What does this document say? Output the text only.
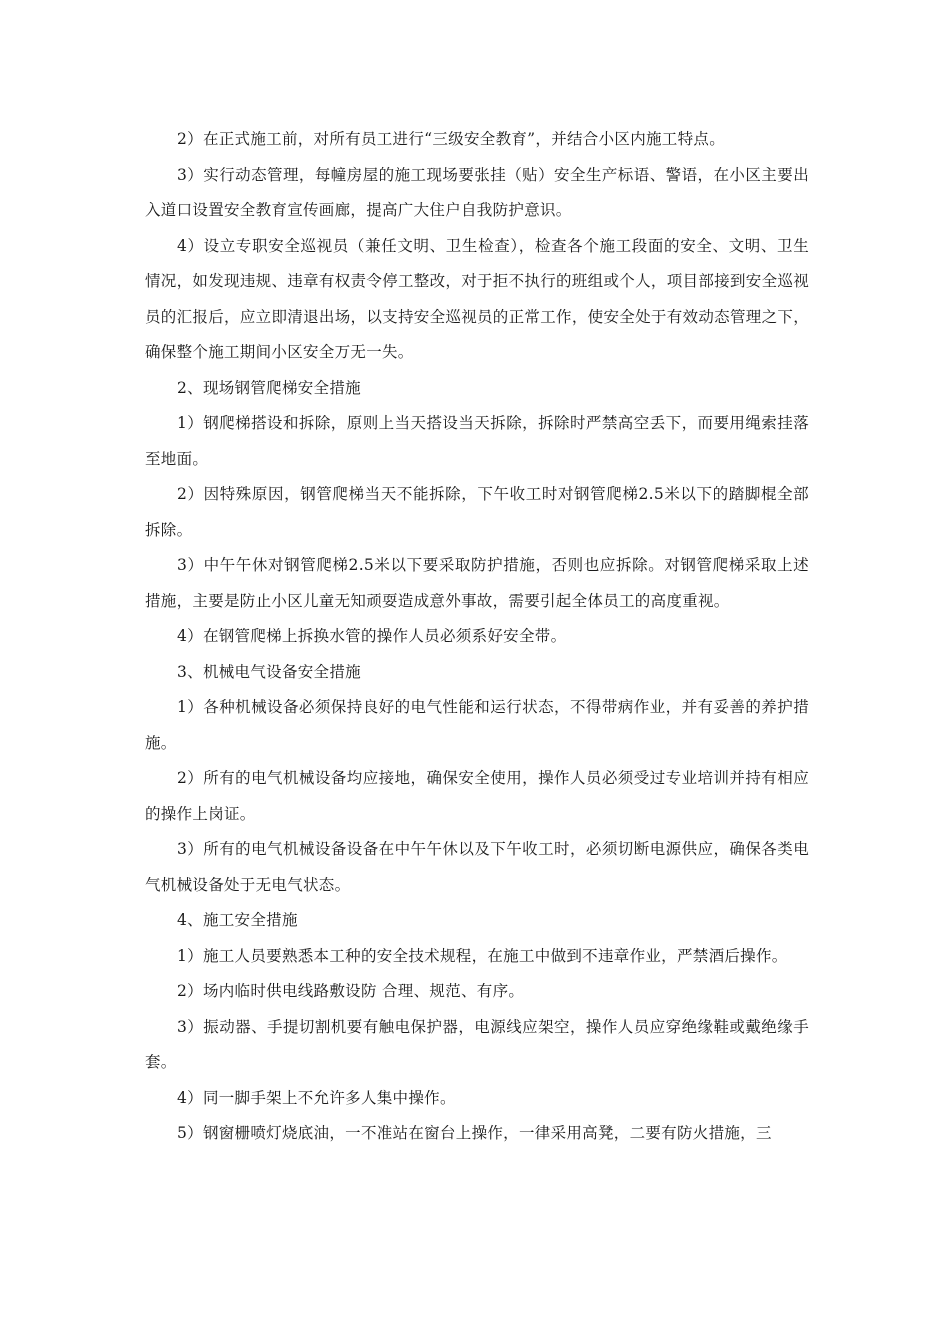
2）在正式施工前，对所有员工进行“三级安全教育”，并结合小区内施工特点。

3）实行动态管理，每幢房屋的施工现场要张挂（贴）安全生产标语、警语，在小区主要出入道口设置安全教育宣传画廊，提高广大住户自我防护意识。

4）设立专职安全巡视员（兼任文明、卫生检查），检查各个施工段面的安全、文明、卫生情况，如发现违规、违章有权责令停工整改，对于拒不执行的班组或个人，项目部接到安全巡视员的汇报后，应立即清退出场，以支持安全巡视员的正常工作，使安全处于有效动态管理之下，确保整个施工期间小区安全万无一失。

2、现场钢管爬梯安全措施

1）钢爬梯搭设和拆除，原则上当天搭设当天拆除，拆除时严禁高空丢下，而要用绳索挂落至地面。

2）因特殊原因，钢管爬梯当天不能拆除，下午收工时对钢管爬梯2.5米以下的踏脚棍全部拆除。

3）中午午休对钢管爬梯2.5米以下要采取防护措施，否则也应拆除。对钢管爬梯采取上述措施，主要是防止小区儿童无知顽耍造成意外事故，需要引起全体员工的高度重视。

4）在钢管爬梯上拆换水管的操作人员必须系好安全带。

3、机械电气设备安全措施

1）各种机械设备必须保持良好的电气性能和运行状态，不得带病作业，并有妥善的养护措施。

2）所有的电气机械设备均应接地，确保安全使用，操作人员必须受过专业培训并持有相应的操作上岗证。

3）所有的电气机械设备设备在中午午休以及下午收工时，必须切断电源供应，确保各类电气机械设备处于无电气状态。

4、施工安全措施

1）施工人员要熟悉本工种的安全技术规程，在施工中做到不违章作业，严禁酒后操作。

2）场内临时供电线路敷设防 合理、规范、有序。

3）振动器、手提切割机要有触电保护器，电源线应架空，操作人员应穿绝缘鞋或戴绝缘手套。

4）同一脚手架上不允许多人集中操作。

5）钢窗栅喷灯烧底油，一不准站在窗台上操作，一律采用高凳，二要有防火措施，三
